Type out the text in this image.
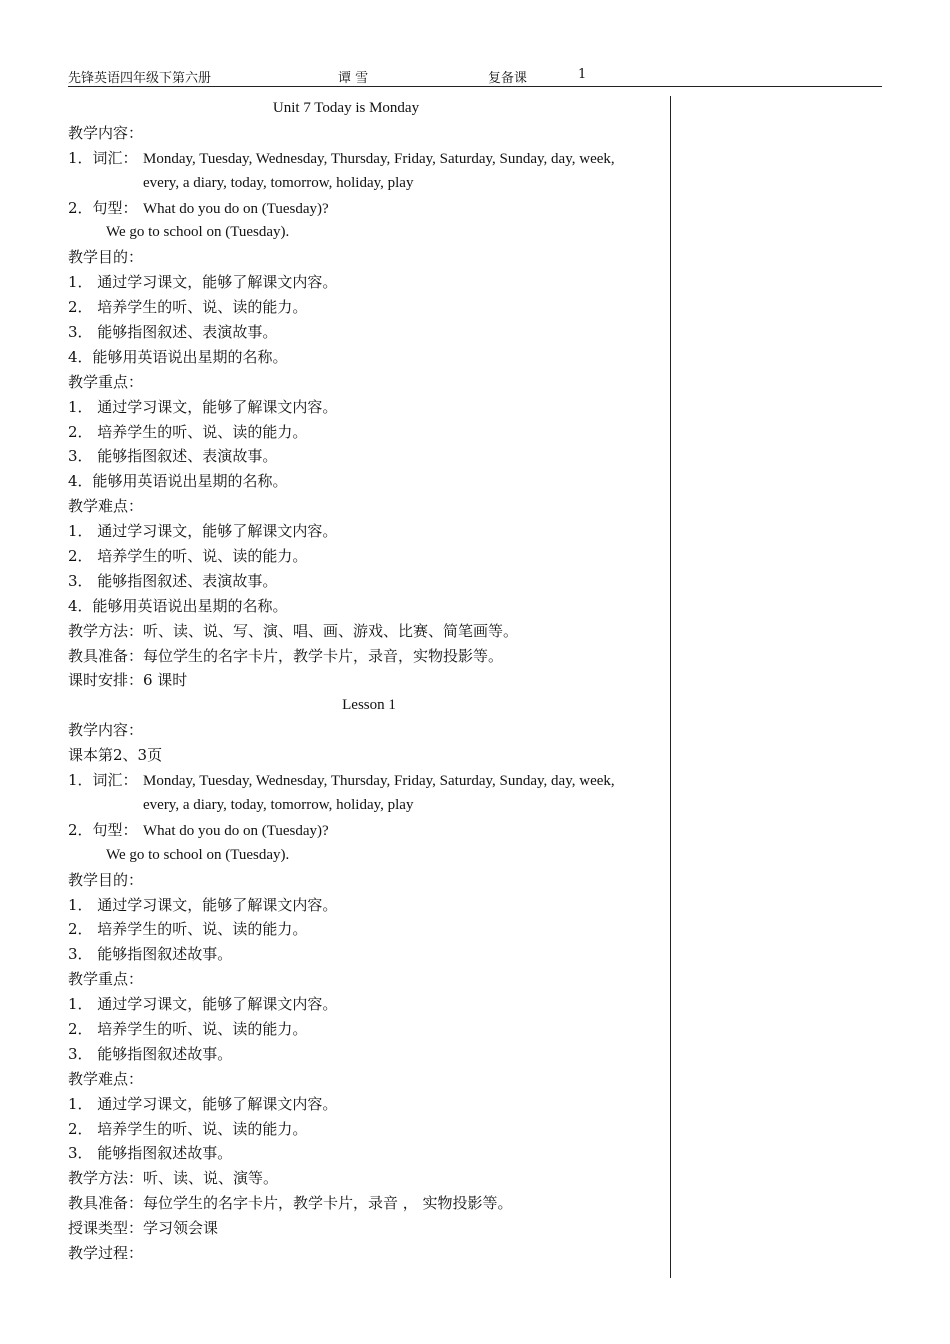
先锋英语四年级下第六册	谭 雪	复备课	1
Unit 7 Today is Monday
教学内容：
1．词汇： Monday, Tuesday, Wednesday, Thursday, Friday, Saturday, Sunday, day, week,
every, a diary, today, tomorrow, holiday, play
2．句型： What do you do on (Tuesday)?
We go to school on (Tuesday).
教学目的：
1． 通过学习课文，能够了解课文内容。
2． 培养学生的听、说、读的能力。
3． 能够指图叙述、表演故事。
4．能够用英语说出星期的名称。
教学重点：
1． 通过学习课文，能够了解课文内容。
2． 培养学生的听、说、读的能力。
3． 能够指图叙述、表演故事。
4．能够用英语说出星期的名称。
教学难点：
1． 通过学习课文，能够了解课文内容。
2． 培养学生的听、说、读的能力。
3． 能够指图叙述、表演故事。
4．能够用英语说出星期的名称。
教学方法：听、读、说、写、演、唱、画、游戏、比赛、简笔画等。
教具准备：每位学生的名字卡片，教学卡片，录音，实物投影等。
课时安排：6 课时
Lesson 1
教学内容：
课本第2、3页
1．词汇： Monday, Tuesday, Wednesday, Thursday, Friday, Saturday, Sunday, day, week,
every, a diary, today, tomorrow, holiday, play
2．句型： What do you do on (Tuesday)?
We go to school on (Tuesday).
教学目的：
1． 通过学习课文，能够了解课文内容。
2． 培养学生的听、说、读的能力。
3． 能够指图叙述故事。
教学重点：
1． 通过学习课文，能够了解课文内容。
2． 培养学生的听、说、读的能力。
3． 能够指图叙述故事。
教学难点：
1． 通过学习课文，能够了解课文内容。
2． 培养学生的听、说、读的能力。
3． 能够指图叙述故事。
教学方法：听、读、说、演等。
教具准备：每位学生的名字卡片，教学卡片，录音 ， 实物投影等。
授课类型：学习领会课
教学过程：
